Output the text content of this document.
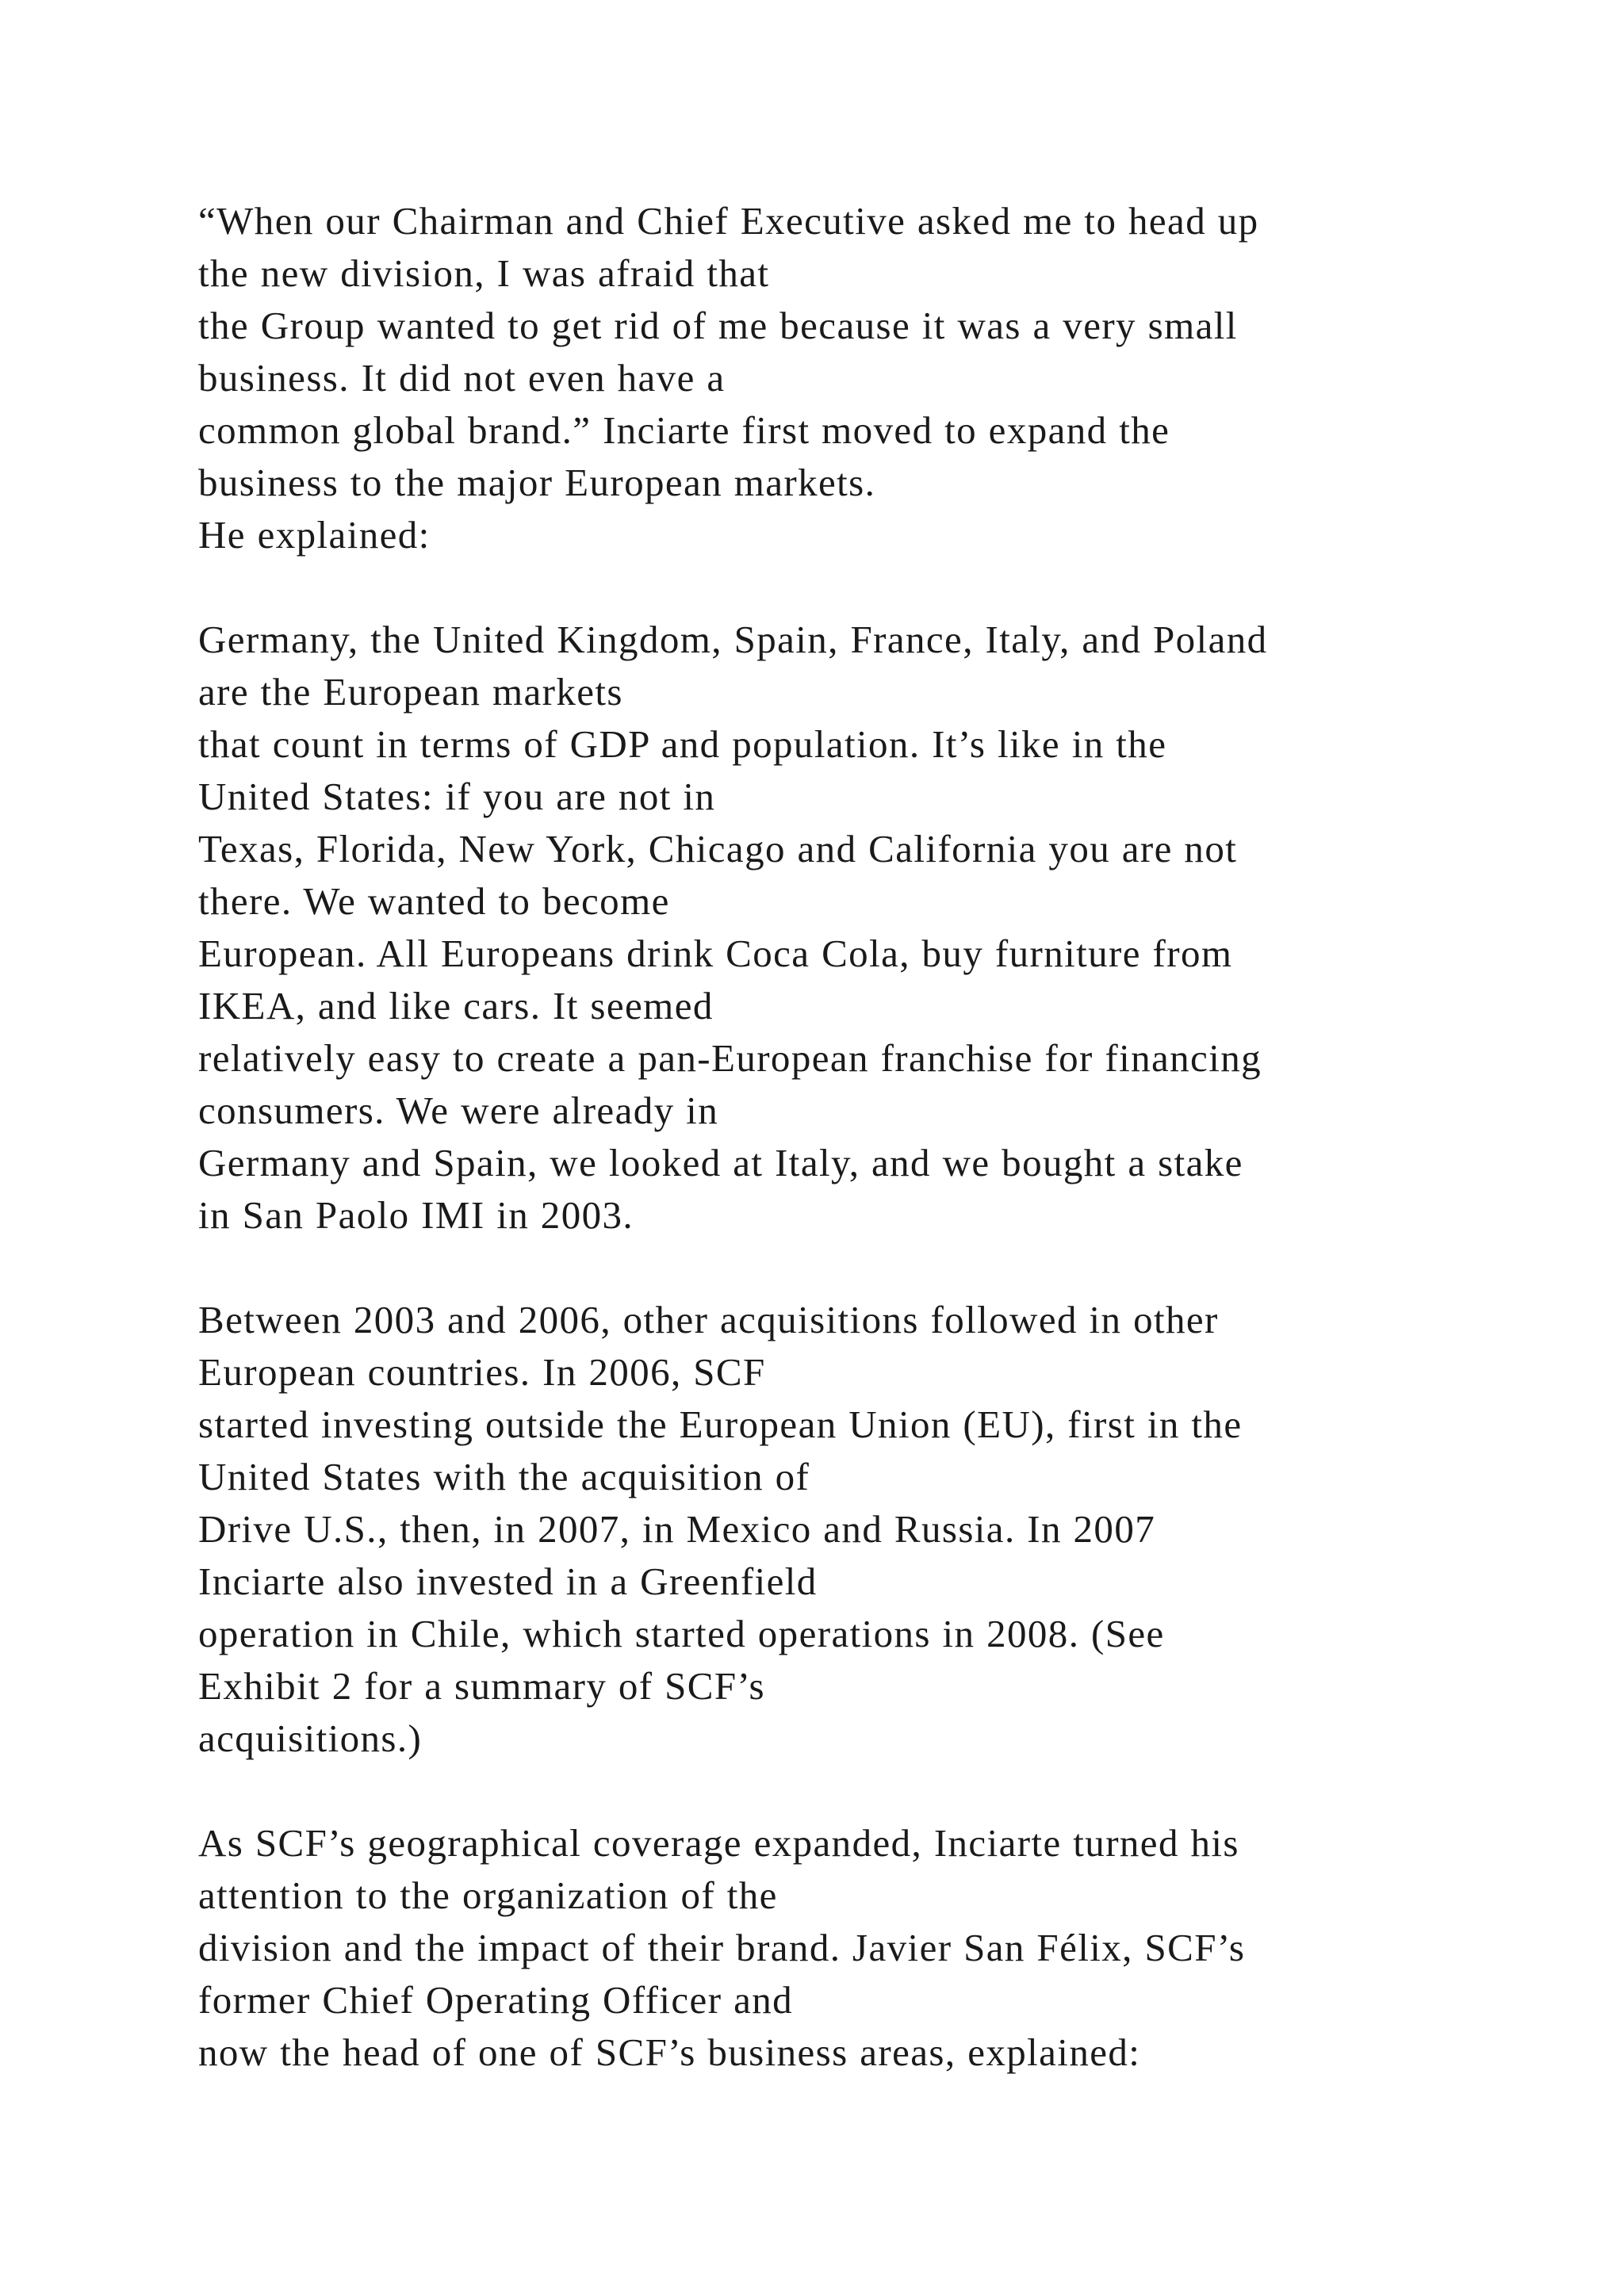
“When our Chairman and Chief Executive asked me to head up
the new division, I was afraid that
the Group wanted to get rid of me because it was a very small
business. It did not even have a
common global brand.” Inciarte first moved to expand the
business to the major European markets.
He explained:
Germany, the United Kingdom, Spain, France, Italy, and Poland
are the European markets
that count in terms of GDP and population. It’s like in the
United States: if you are not in
Texas, Florida, New York, Chicago and California you are not
there. We wanted to become
European. All Europeans drink Coca Cola, buy furniture from
IKEA, and like cars. It seemed
relatively easy to create a pan-European franchise for financing
consumers. We were already in
Germany and Spain, we looked at Italy, and we bought a stake
in San Paolo IMI in 2003.
Between 2003 and 2006, other acquisitions followed in other
European countries. In 2006, SCF
started investing outside the European Union (EU), first in the
United States with the acquisition of
Drive U.S., then, in 2007, in Mexico and Russia. In 2007
Inciarte also invested in a Greenfield
operation in Chile, which started operations in 2008. (See
Exhibit 2 for a summary of SCF’s
acquisitions.)
As SCF’s geographical coverage expanded, Inciarte turned his
attention to the organization of the
division and the impact of their brand. Javier San Félix, SCF’s
former Chief Operating Officer and
now the head of one of SCF’s business areas, explained:
